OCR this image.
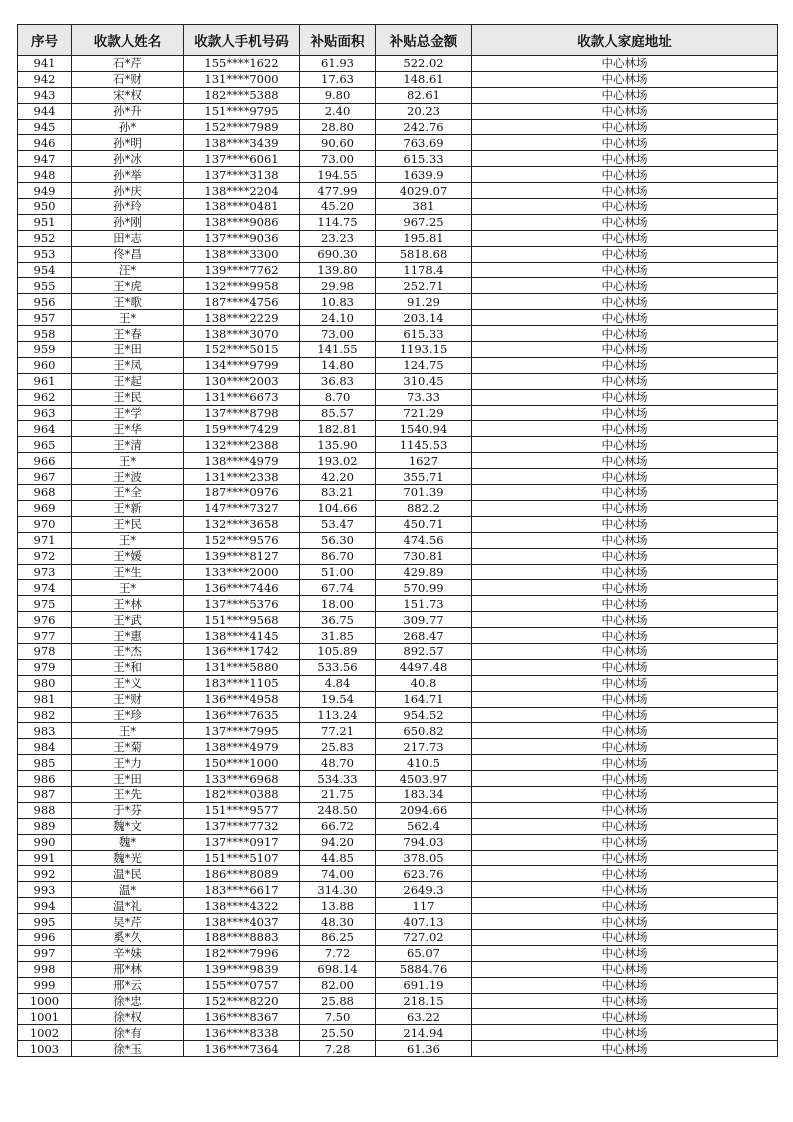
序号	收款人姓名	收款人手机号码	补贴面积	补贴总金额	收款人家庭地址
941	石*芹	155****1622	61.93	522.02	中心林场
942	石*财	131****7000	17.63	148.61	中心林场
943	宋*权	182****5388	9.80	82.61	中心林场
944	孙*升	151****9795	2.40	20.23	中心林场
945	孙*	152****7989	28.80	242.76	中心林场
946	孙*明	138****3439	90.60	763.69	中心林场
947	孙*冰	137****6061	73.00	615.33	中心林场
948	孙*举	137****3138	194.55	1639.9	中心林场
949	孙*庆	138****2204	477.99	4029.07	中心林场
950	孙*玲	138****0481	45.20	381	中心林场
951	孙*刚	138****9086	114.75	967.25	中心林场
952	田*志	137****9036	23.23	195.81	中心林场
953	佟*昌	138****3300	690.30	5818.68	中心林场
954	汪*	139****7762	139.80	1178.4	中心林场
955	王*虎	132****9958	29.98	252.71	中心林场
956	王*歌	187****4756	10.83	91.29	中心林场
957	王*	138****2229	24.10	203.14	中心林场
958	王*春	138****3070	73.00	615.33	中心林场
959	王*田	152****5015	141.55	1193.15	中心林场
960	王*凤	134****9799	14.80	124.75	中心林场
961	王*起	130****2003	36.83	310.45	中心林场
962	王*民	131****6673	8.70	73.33	中心林场
963	王*学	137****8798	85.57	721.29	中心林场
964	王*华	159****7429	182.81	1540.94	中心林场
965	王*清	132****2388	135.90	1145.53	中心林场
966	王*	138****4979	193.02	1627	中心林场
967	王*波	131****2338	42.20	355.71	中心林场
968	王*全	187****0976	83.21	701.39	中心林场
969	王*新	147****7327	104.66	882.2	中心林场
970	王*民	132****3658	53.47	450.71	中心林场
971	王*	152****9576	56.30	474.56	中心林场
972	王*媛	139****8127	86.70	730.81	中心林场
973	王*生	133****2000	51.00	429.89	中心林场
974	王*	136****7446	67.74	570.99	中心林场
975	王*林	137****5376	18.00	151.73	中心林场
976	王*武	151****9568	36.75	309.77	中心林场
977	王*惠	138****4145	31.85	268.47	中心林场
978	王*杰	136****1742	105.89	892.57	中心林场
979	王*和	131****5880	533.56	4497.48	中心林场
980	王*义	183****1105	4.84	40.8	中心林场
981	王*财	136****4958	19.54	164.71	中心林场
982	王*珍	136****7635	113.24	954.52	中心林场
983	王*	137****7995	77.21	650.82	中心林场
984	王*菊	138****4979	25.83	217.73	中心林场
985	王*力	150****1000	48.70	410.5	中心林场
986	王*田	133****6968	534.33	4503.97	中心林场
987	王*先	182****0388	21.75	183.34	中心林场
988	于*芬	151****9577	248.50	2094.66	中心林场
989	魏*文	137****7732	66.72	562.4	中心林场
990	魏*	137****0917	94.20	794.03	中心林场
991	魏*光	151****5107	44.85	378.05	中心林场
992	温*民	186****8089	74.00	623.76	中心林场
993	温*	183****6617	314.30	2649.3	中心林场
994	温*礼	138****4322	13.88	117	中心林场
995	吴*芹	138****4037	48.30	407.13	中心林场
996	奚*久	188****8883	86.25	727.02	中心林场
997	辛*妹	182****7996	7.72	65.07	中心林场
998	邢*林	139****9839	698.14	5884.76	中心林场
999	邢*云	155****0757	82.00	691.19	中心林场
1000	徐*忠	152****8220	25.88	218.15	中心林场
1001	徐*权	136****8367	7.50	63.22	中心林场
1002	徐*有	136****8338	25.50	214.94	中心林场
1003	徐*玉	136****7364	7.28	61.36	中心林场
